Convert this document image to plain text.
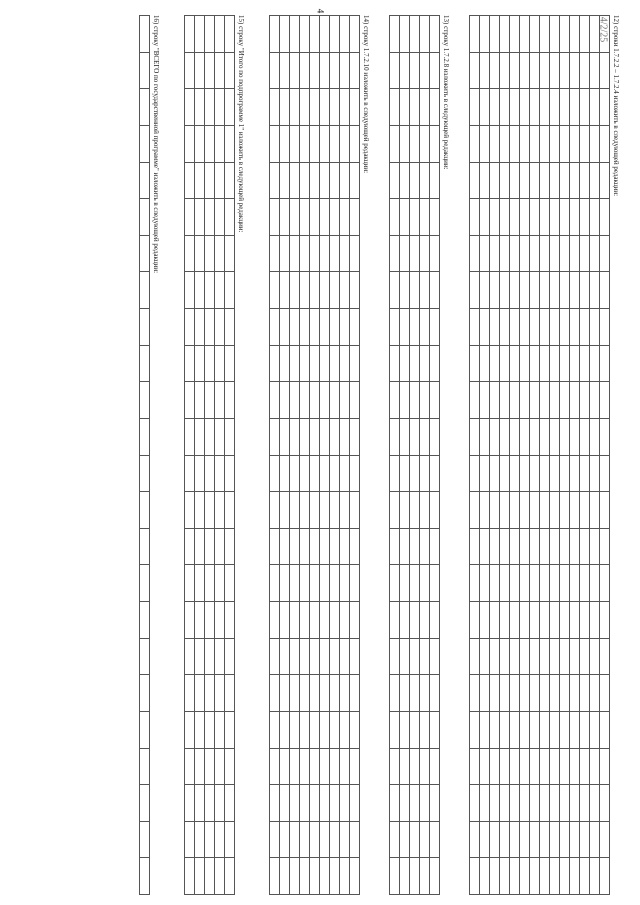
4
4/2/25 12) строки 1.7.2.2 – 1.7.2.4 изложить в следующей редакции:

13) строку 1.7.2.8 изложить в следующей редакции:

14) строку 1.7.2.10 изложить в следующей редакции:

15) строку "Итого по подпрограмме 1" изложить в следующей редакции:

16) строку "ВСЕГО по государственной программе" изложить в следующей редакции:
